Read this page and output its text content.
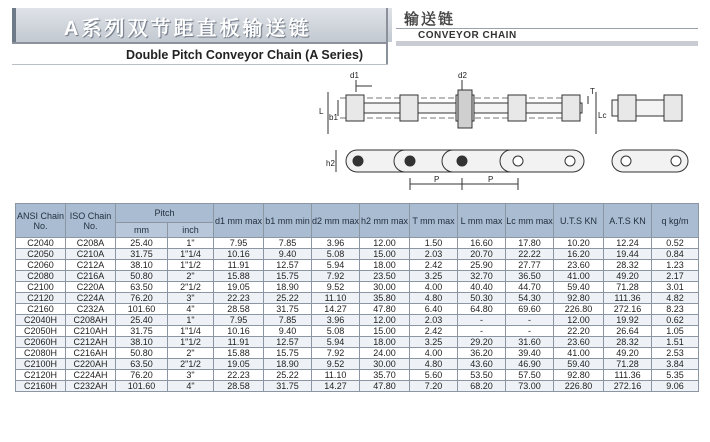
A系列双节距直板输送链
Double Pitch Conveyor Chain (A Series)
输送链
CONVEYOR CHAIN
d1	d2
L
b1
T
Lc
h2
P	P
ANSI Chain No.	ISO Chain No.	Pitch		d1 mm max	b1 mm min	d2 mm max	h2 mm max	T mm max	L mm max	Lc mm max	U.T.S KN	A.T.S KN	q kg/m
		mm	inch										
C2040	C208A	25.40	1"	7.95	7.85	3.96	12.00	1.50	16.60	17.80	10.20	12.24	0.52
C2050	C210A	31.75	1"1/4	10.16	9.40	5.08	15.00	2.03	20.70	22.22	16.20	19.44	0.84
C2060	C212A	38.10	1"1/2	11.91	12.57	5.94	18.00	2.42	25.90	27.77	23.60	28.32	1.23
C2080	C216A	50.80	2"	15.88	15.75	7.92	23.50	3.25	32.70	36.50	41.00	49.20	2.17
C2100	C220A	63.50	2"1/2	19.05	18.90	9.52	30.00	4.00	40.40	44.70	59.40	71.28	3.01
C2120	C224A	76.20	3"	22.23	25.22	11.10	35.80	4.80	50.30	54.30	92.80	111.36	4.82
C2160	C232A	101.60	4"	28.58	31.75	14.27	47.80	6.40	64.80	69.60	226.80	272.16	8.23
C2040H	C208AH	25.40	1"	7.95	7.85	3.96	12.00	2.03	-	-	12.00	19.92	0.62
C2050H	C210AH	31.75	1"1/4	10.16	9.40	5.08	15.00	2.42	-	-	22.20	26.64	1.05
C2060H	C212AH	38.10	1"1/2	11.91	12.57	5.94	18.00	3.25	29.20	31.60	23.60	28.32	1.51
C2080H	C216AH	50.80	2"	15.88	15.75	7.92	24.00	4.00	36.20	39.40	41.00	49.20	2.53
C2100H	C220AH	63.50	2"1/2	19.05	18.90	9.52	30.00	4.80	43.60	46.90	59.40	71.28	3.84
C2120H	C224AH	76.20	3"	22.23	25.22	11.10	35.70	5.60	53.50	57.50	92.80	111.36	5.35
C2160H	C232AH	101.60	4"	28.58	31.75	14.27	47.80	7.20	68.20	73.00	226.80	272.16	9.06
